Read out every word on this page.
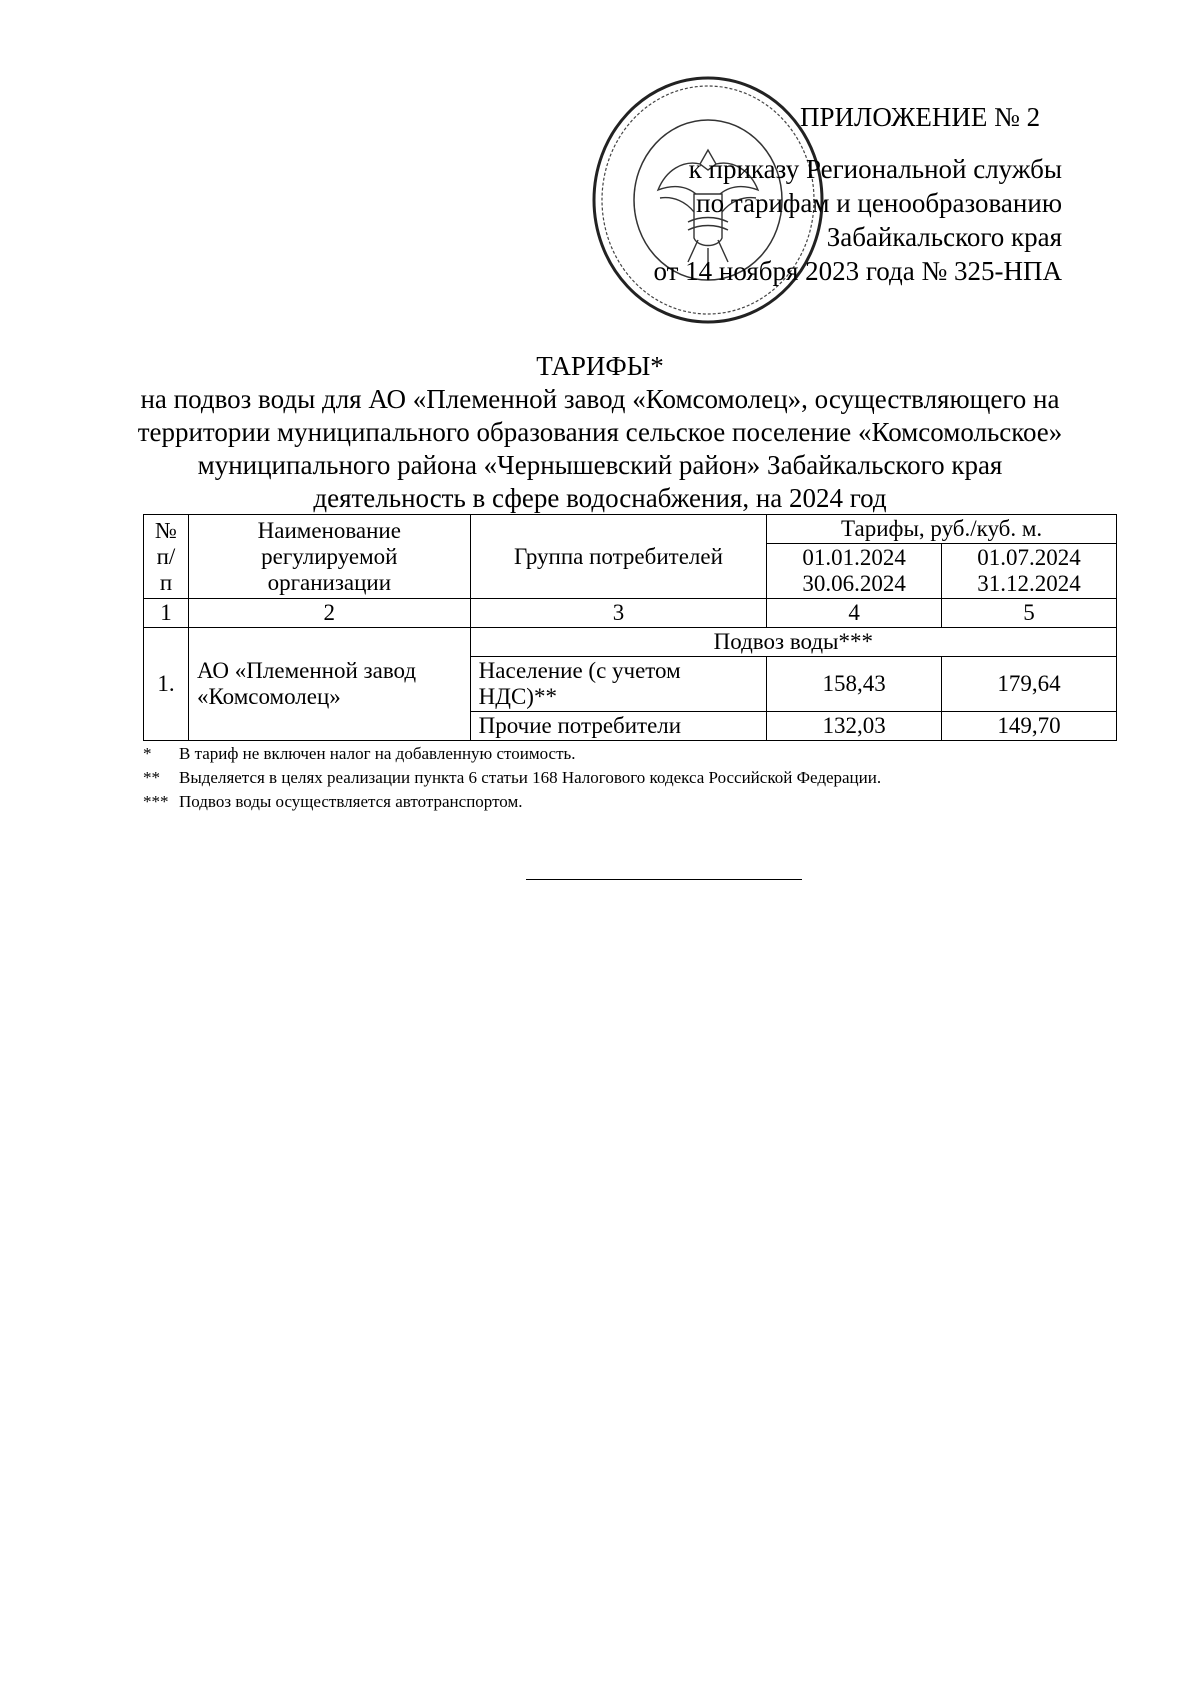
ПРИЛОЖЕНИЕ № 2
к приказу Региональной службы
по тарифам и ценообразованию
Забайкальского края
от 14 ноября 2023 года № 325-НПА
ТАРИФЫ*
на подвоз воды для АО «Племенной завод «Комсомолец», осуществляющего на
территории муниципального образования сельское поселение «Комсомольское»
муниципального района «Чернышевский район» Забайкальского края
деятельность в сфере водоснабжения, на 2024 год
№ п/п	Наименование регулируемой организации	Группа потребителей	Тарифы, руб./куб. м.	
			01.01.2024 30.06.2024	01.07.2024 31.12.2024
1	2	3	4	5
1.	АО «Племенной завод «Комсомолец»	Подвоз воды***		
		Население (с учетом НДС)**	158,43	179,64
		Прочие потребители	132,03	149,70
* В тариф не включен налог на добавленную стоимость.
** Выделяется в целях реализации пункта 6 статьи 168 Налогового кодекса Российской Федерации.
*** Подвоз воды осуществляется автотранспортом.
